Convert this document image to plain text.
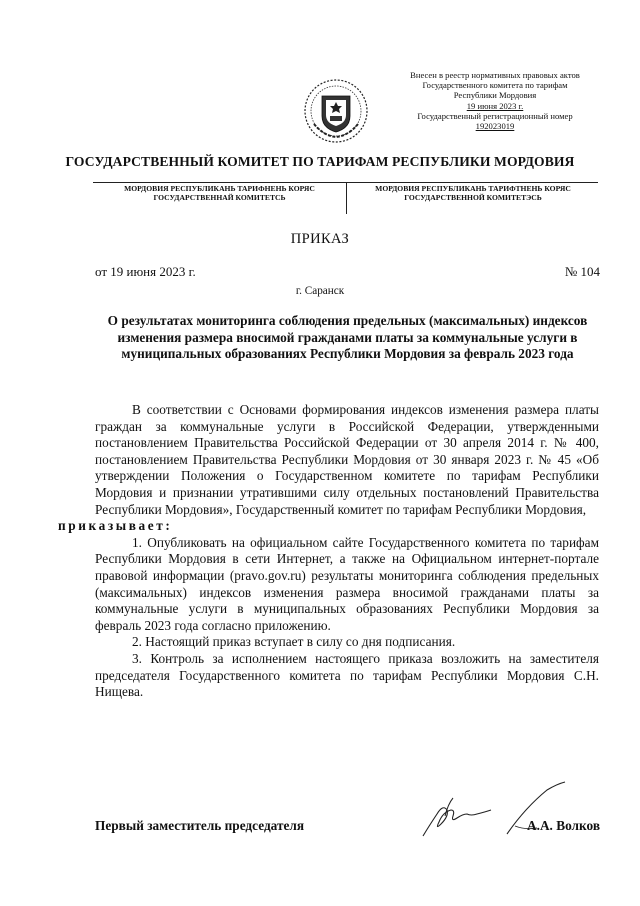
Внесен в реестр нормативных правовых актов
Государственного комитета по тарифам
Республики Мордовия
19 июня 2023 г.
Государственный регистрационный номер
192023019
ГОСУДАРСТВЕННЫЙ КОМИТЕТ ПО ТАРИФАМ РЕСПУБЛИКИ МОРДОВИЯ
МОРДОВИЯ РЕСПУБЛИКАНЬ ТАРИФНЕНЬ КОРЯС
ГОСУДАРСТВЕННАЙ КОМИТЕТСЬ
МОРДОВИЯ РЕСПУБЛИКАНЬ ТАРИФТНЕНЬ КОРЯС
ГОСУДАРСТВЕННОЙ КОМИТЕТЭСЬ
ПРИКАЗ
от 19 июня 2023 г.	№ 104
г. Саранск
О результатах мониторинга соблюдения предельных (максимальных) индексов изменения размера вносимой гражданами платы за коммунальные услуги в муниципальных образованиях Республики Мордовия за февраль 2023 года

В соответствии с Основами формирования индексов изменения размера платы граждан за коммунальные услуги в Российской Федерации, утвержденными постановлением Правительства Российской Федерации от 30 апреля 2014 г. № 400, постановлением Правительства Республики Мордовия от 30 января 2023 г. № 45 «Об утверждении Положения о Государственном комитете по тарифам Республики Мордовия и признании утратившими силу отдельных постановлений Правительства Республики Мордовия», Государственный комитет по тарифам Республики Мордовия,
приказывает:

1. Опубликовать на официальном сайте Государственного комитета по тарифам Республики Мордовия в сети Интернет, а также на Официальном интернет-портале правовой информации (pravo.gov.ru) результаты мониторинга соблюдения предельных (максимальных) индексов изменения размера вносимой гражданами платы за коммунальные услуги в муниципальных образованиях Республики Мордовия за февраль 2023 года согласно приложению.

2. Настоящий приказ вступает в силу со дня подписания.

3. Контроль за исполнением настоящего приказа возложить на заместителя председателя Государственного комитета по тарифам Республики Мордовия С.Н. Нищева.

Первый заместитель председателя	А.А. Волков
